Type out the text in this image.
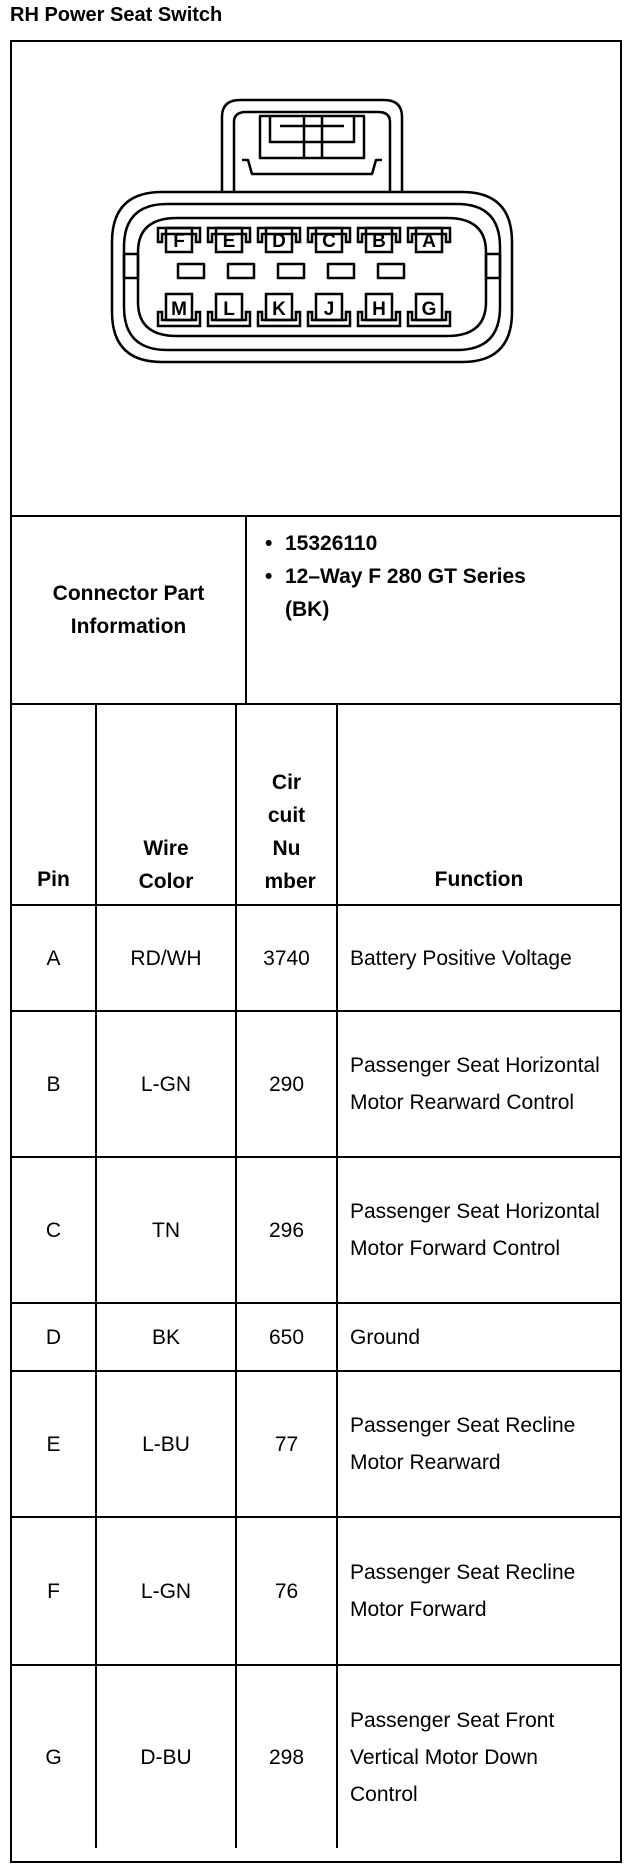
RH Power Seat Switch
F E D C B A
M L K J H G
Connector Part Information
• 15326110
• 12–Way F 280 GT Series (BK)
Pin	Wire Color	Cir cuit Nu mber	Function
A	RD/WH	3740	Battery Positive Voltage
B	L-GN	290	Passenger Seat Horizontal Motor Rearward Control
C	TN	296	Passenger Seat Horizontal Motor Forward Control
D	BK	650	Ground
E	L-BU	77	Passenger Seat Recline Motor Rearward
F	L-GN	76	Passenger Seat Recline Motor Forward
G	D-BU	298	Passenger Seat Front Vertical Motor Down Control
